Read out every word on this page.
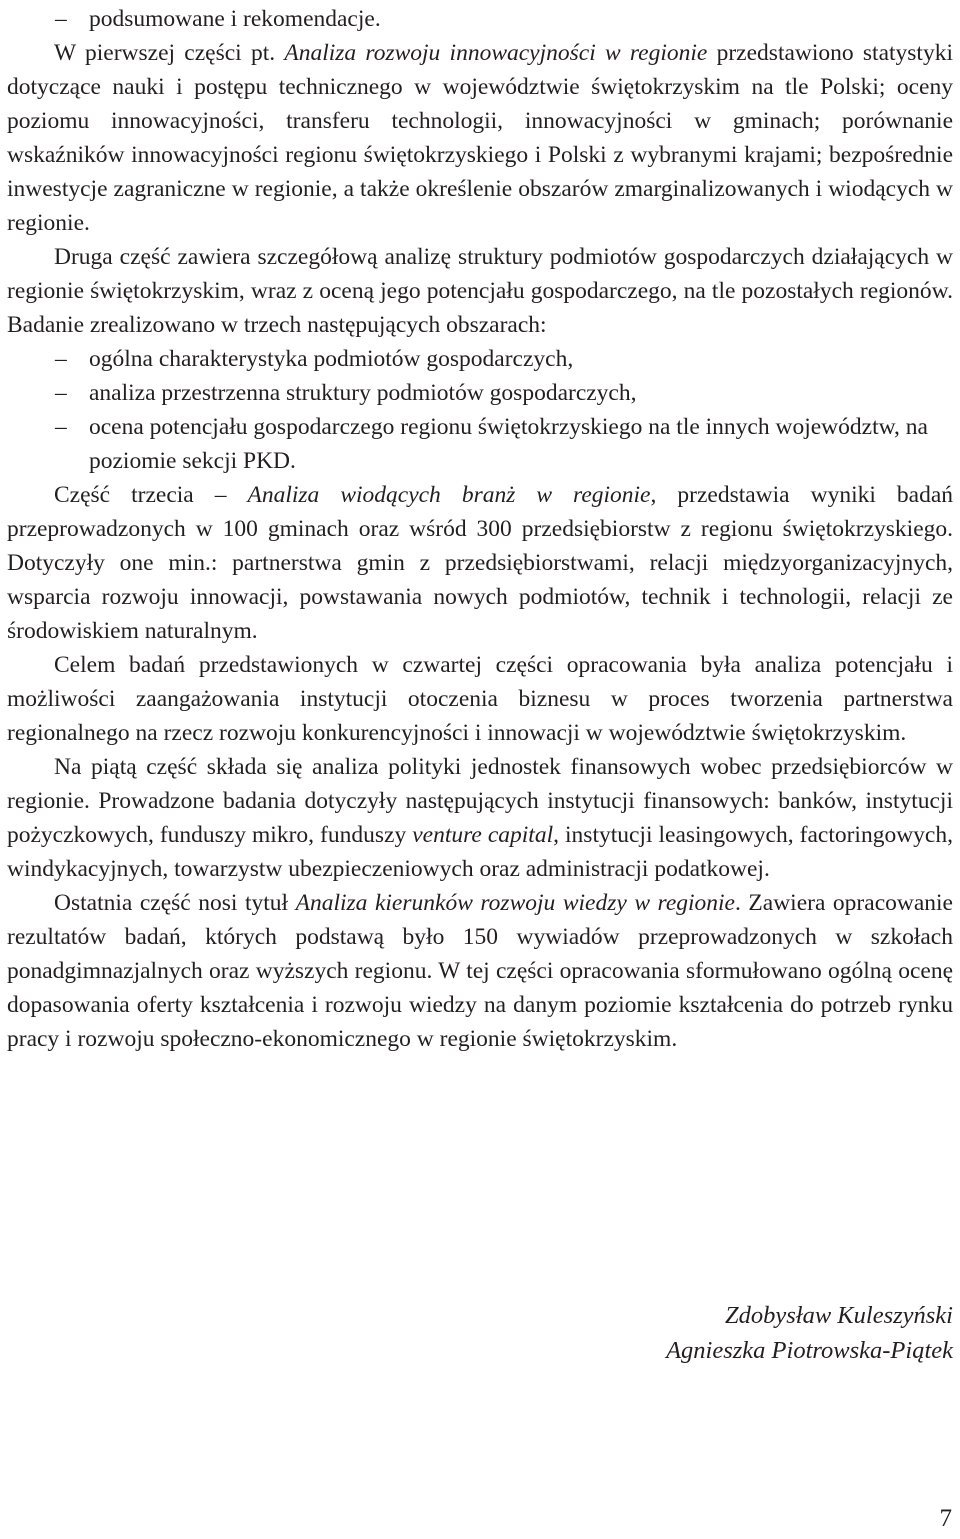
– podsumowane i rekomendacje.

W pierwszej części pt. Analiza rozwoju innowacyjności w regionie przedstawiono statystyki dotyczące nauki i postępu technicznego w województwie świętokrzyskim na tle Polski; oceny poziomu innowacyjności, transferu technologii, innowacyjności w gminach; porównanie wskaźników innowacyjności regionu świętokrzyskiego i Polski z wybranymi krajami; bezpośrednie inwestycje zagraniczne w regionie, a także określenie obszarów zmarginalizowanych i wiodących w regionie.

Druga część zawiera szczegółową analizę struktury podmiotów gospodarczych działających w regionie świętokrzyskim, wraz z oceną jego potencjału gospodarczego, na tle pozostałych regionów. Badanie zrealizowano w trzech następujących obszarach:

– ogólna charakterystyka podmiotów gospodarczych,
– analiza przestrzenna struktury podmiotów gospodarczych,
– ocena potencjału gospodarczego regionu świętokrzyskiego na tle innych województw, na poziomie sekcji PKD.

Część trzecia – Analiza wiodących branż w regionie, przedstawia wyniki badań przeprowadzonych w 100 gminach oraz wśród 300 przedsiębiorstw z regionu świętokrzyskiego. Dotyczyły one min.: partnerstwa gmin z przedsiębiorstwami, relacji międzyorganizacyjnych, wsparcia rozwoju innowacji, powstawania nowych podmiotów, technik i technologii, relacji ze środowiskiem naturalnym.

Celem badań przedstawionych w czwartej części opracowania była analiza potencjału i możliwości zaangażowania instytucji otoczenia biznesu w proces tworzenia partnerstwa regionalnego na rzecz rozwoju konkurencyjności i innowacji w województwie świętokrzyskim.

Na piątą część składa się analiza polityki jednostek finansowych wobec przedsiębiorców w regionie. Prowadzone badania dotyczyły następujących instytucji finansowych: banków, instytucji pożyczkowych, funduszy mikro, funduszy venture capital, instytucji leasingowych, factoringowych, windykacyjnych, towarzystw ubezpieczeniowych oraz administracji podatkowej.

Ostatnia część nosi tytuł Analiza kierunków rozwoju wiedzy w regionie. Zawiera opracowanie rezultatów badań, których podstawą było 150 wywiadów przeprowadzonych w szkołach ponadgimnazjalnych oraz wyższych regionu. W tej części opracowania sformułowano ogólną ocenę dopasowania oferty kształcenia i rozwoju wiedzy na danym poziomie kształcenia do potrzeb rynku pracy i rozwoju społeczno-ekonomicznego w regionie świętokrzyskim.

Zdobysław Kuleszyński
Agnieszka Piotrowska-Piątek
7
